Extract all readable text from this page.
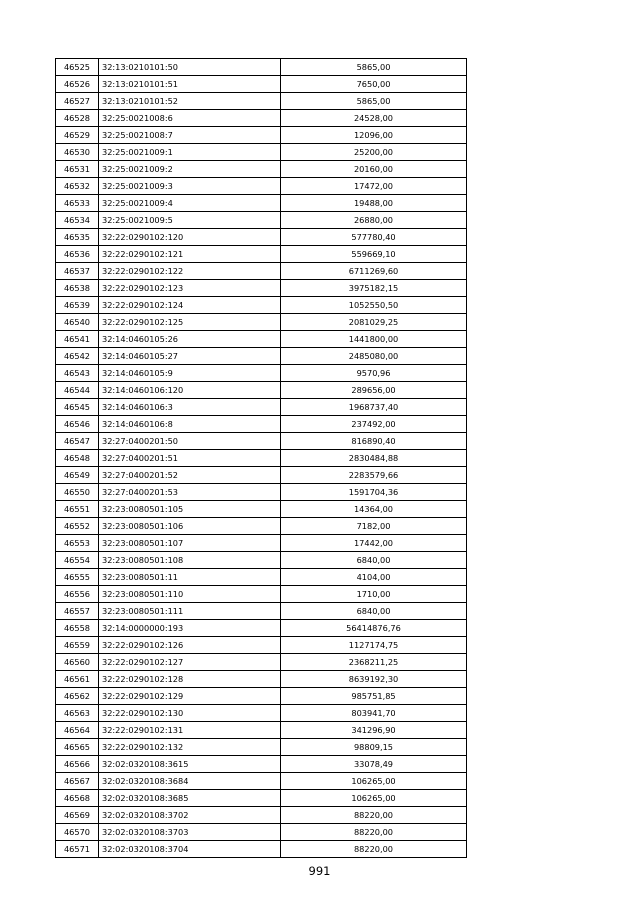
46525	32:13:0210101:50	5865,00
46526	32:13:0210101:51	7650,00
46527	32:13:0210101:52	5865,00
46528	32:25:0021008:6	24528,00
46529	32:25:0021008:7	12096,00
46530	32:25:0021009:1	25200,00
46531	32:25:0021009:2	20160,00
46532	32:25:0021009:3	17472,00
46533	32:25:0021009:4	19488,00
46534	32:25:0021009:5	26880,00
46535	32:22:0290102:120	577780,40
46536	32:22:0290102:121	559669,10
46537	32:22:0290102:122	6711269,60
46538	32:22:0290102:123	3975182,15
46539	32:22:0290102:124	1052550,50
46540	32:22:0290102:125	2081029,25
46541	32:14:0460105:26	1441800,00
46542	32:14:0460105:27	2485080,00
46543	32:14:0460105:9	9570,96
46544	32:14:0460106:120	289656,00
46545	32:14:0460106:3	1968737,40
46546	32:14:0460106:8	237492,00
46547	32:27:0400201:50	816890,40
46548	32:27:0400201:51	2830484,88
46549	32:27:0400201:52	2283579,66
46550	32:27:0400201:53	1591704,36
46551	32:23:0080501:105	14364,00
46552	32:23:0080501:106	7182,00
46553	32:23:0080501:107	17442,00
46554	32:23:0080501:108	6840,00
46555	32:23:0080501:11	4104,00
46556	32:23:0080501:110	1710,00
46557	32:23:0080501:111	6840,00
46558	32:14:0000000:193	56414876,76
46559	32:22:0290102:126	1127174,75
46560	32:22:0290102:127	2368211,25
46561	32:22:0290102:128	8639192,30
46562	32:22:0290102:129	985751,85
46563	32:22:0290102:130	803941,70
46564	32:22:0290102:131	341296,90
46565	32:22:0290102:132	98809,15
46566	32:02:0320108:3615	33078,49
46567	32:02:0320108:3684	106265,00
46568	32:02:0320108:3685	106265,00
46569	32:02:0320108:3702	88220,00
46570	32:02:0320108:3703	88220,00
46571	32:02:0320108:3704	88220,00
991
